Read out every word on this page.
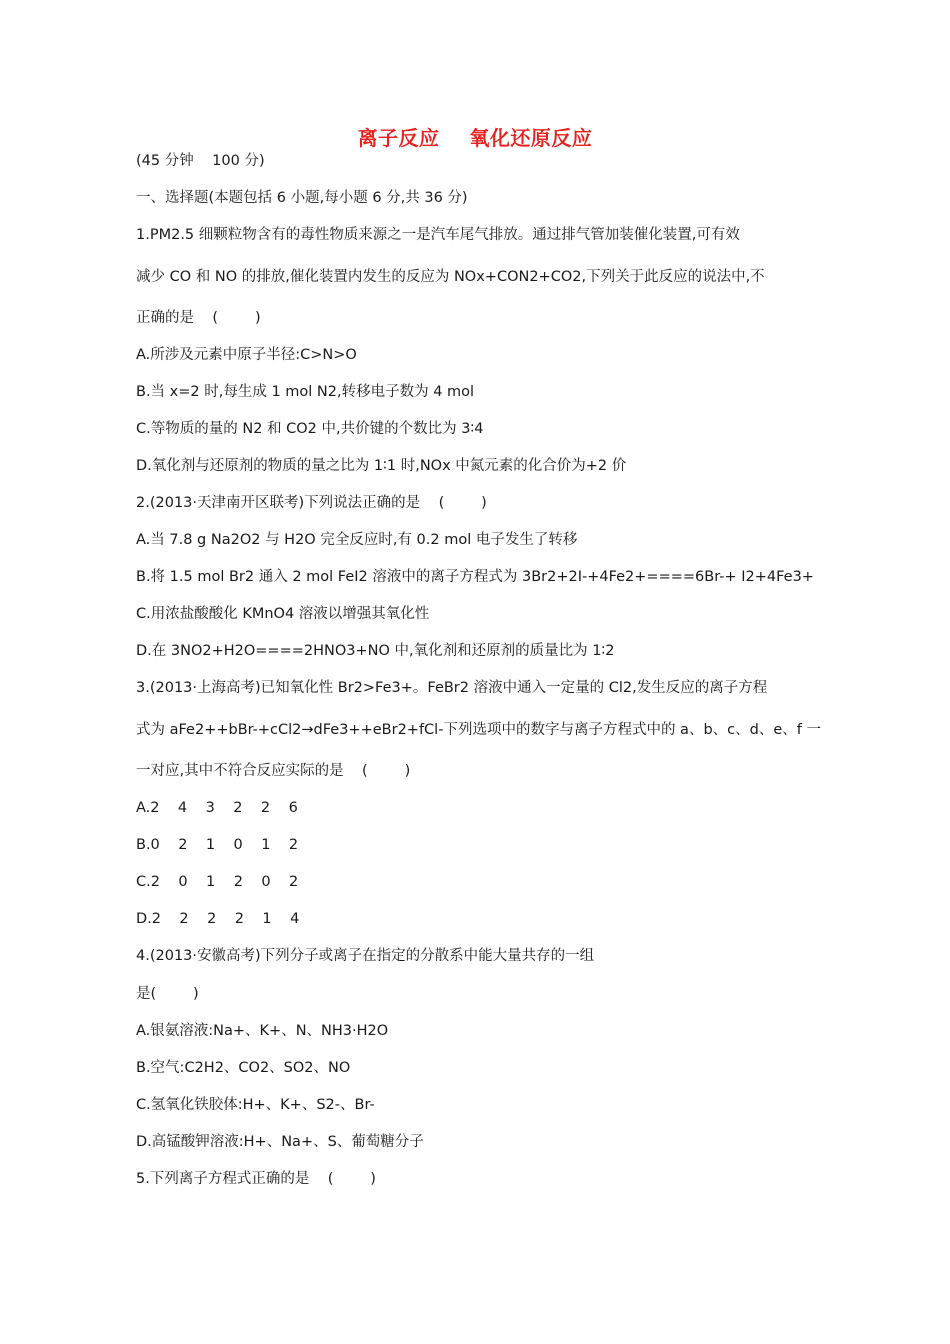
离子反应    氧化还原反应
(45 分钟    100 分)
一、选择题(本题包括 6 小题,每小题 6 分,共 36 分)
1.PM2.5 细颗粒物含有的毒性物质来源之一是汽车尾气排放。通过排气管加装催化装置,可有效
减少 CO 和 NO 的排放,催化装置内发生的反应为 NOx+CON2+CO2,下列关于此反应的说法中,不
正确的是    (        )
A.所涉及元素中原子半径:C>N>O
B.当 x=2 时,每生成 1 mol N2,转移电子数为 4 mol
C.等物质的量的 N2 和 CO2 中,共价键的个数比为 3∶4
D.氧化剂与还原剂的物质的量之比为 1∶1 时,NOx 中氮元素的化合价为+2 价
2.(2013·天津南开区联考)下列说法正确的是    (        )
A.当 7.8 g Na2O2 与 H2O 完全反应时,有 0.2 mol 电子发生了转移
B.将 1.5 mol Br2 通入 2 mol FeI2 溶液中的离子方程式为 3Br2+2I-+4Fe2+====6Br-+ I2+4Fe3+
C.用浓盐酸酸化 KMnO4 溶液以增强其氧化性
D.在 3NO2+H2O====2HNO3+NO 中,氧化剂和还原剂的质量比为 1∶2
3.(2013·上海高考)已知氧化性 Br2>Fe3+。FeBr2 溶液中通入一定量的 Cl2,发生反应的离子方程
式为 aFe2++bBr-+cCl2→dFe3++eBr2+fCl-下列选项中的数字与离子方程式中的 a、b、c、d、e、f 一
一对应,其中不符合反应实际的是    (        )
A.2    4    3    2    2    6
B.0    2    1    0    1    2
C.2    0    1    2    0    2
D.2    2    2    2    1    4
4.(2013·安徽高考)下列分子或离子在指定的分散系中能大量共存的一组
是(        )
A.银氨溶液:Na+、K+、N、NH3·H2O
B.空气:C2H2、CO2、SO2、NO
C.氢氧化铁胶体:H+、K+、S2-、Br-
D.高锰酸钾溶液:H+、Na+、S、葡萄糖分子
5.下列离子方程式正确的是    (        )
